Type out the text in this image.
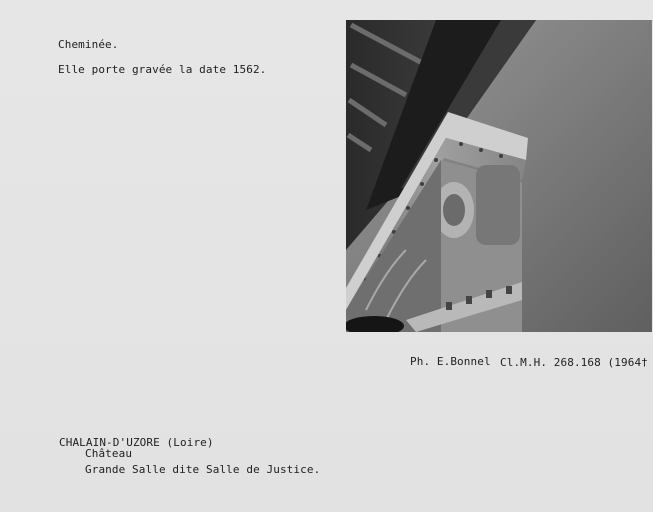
Cheminée.
Elle porte gravée la date 1562.
Ph. E.Bonnel Cl.M.H. 268.168 (1964†
CHALAIN-D'UZORE (Loire)
Château
Grande Salle dite Salle de Justice.
